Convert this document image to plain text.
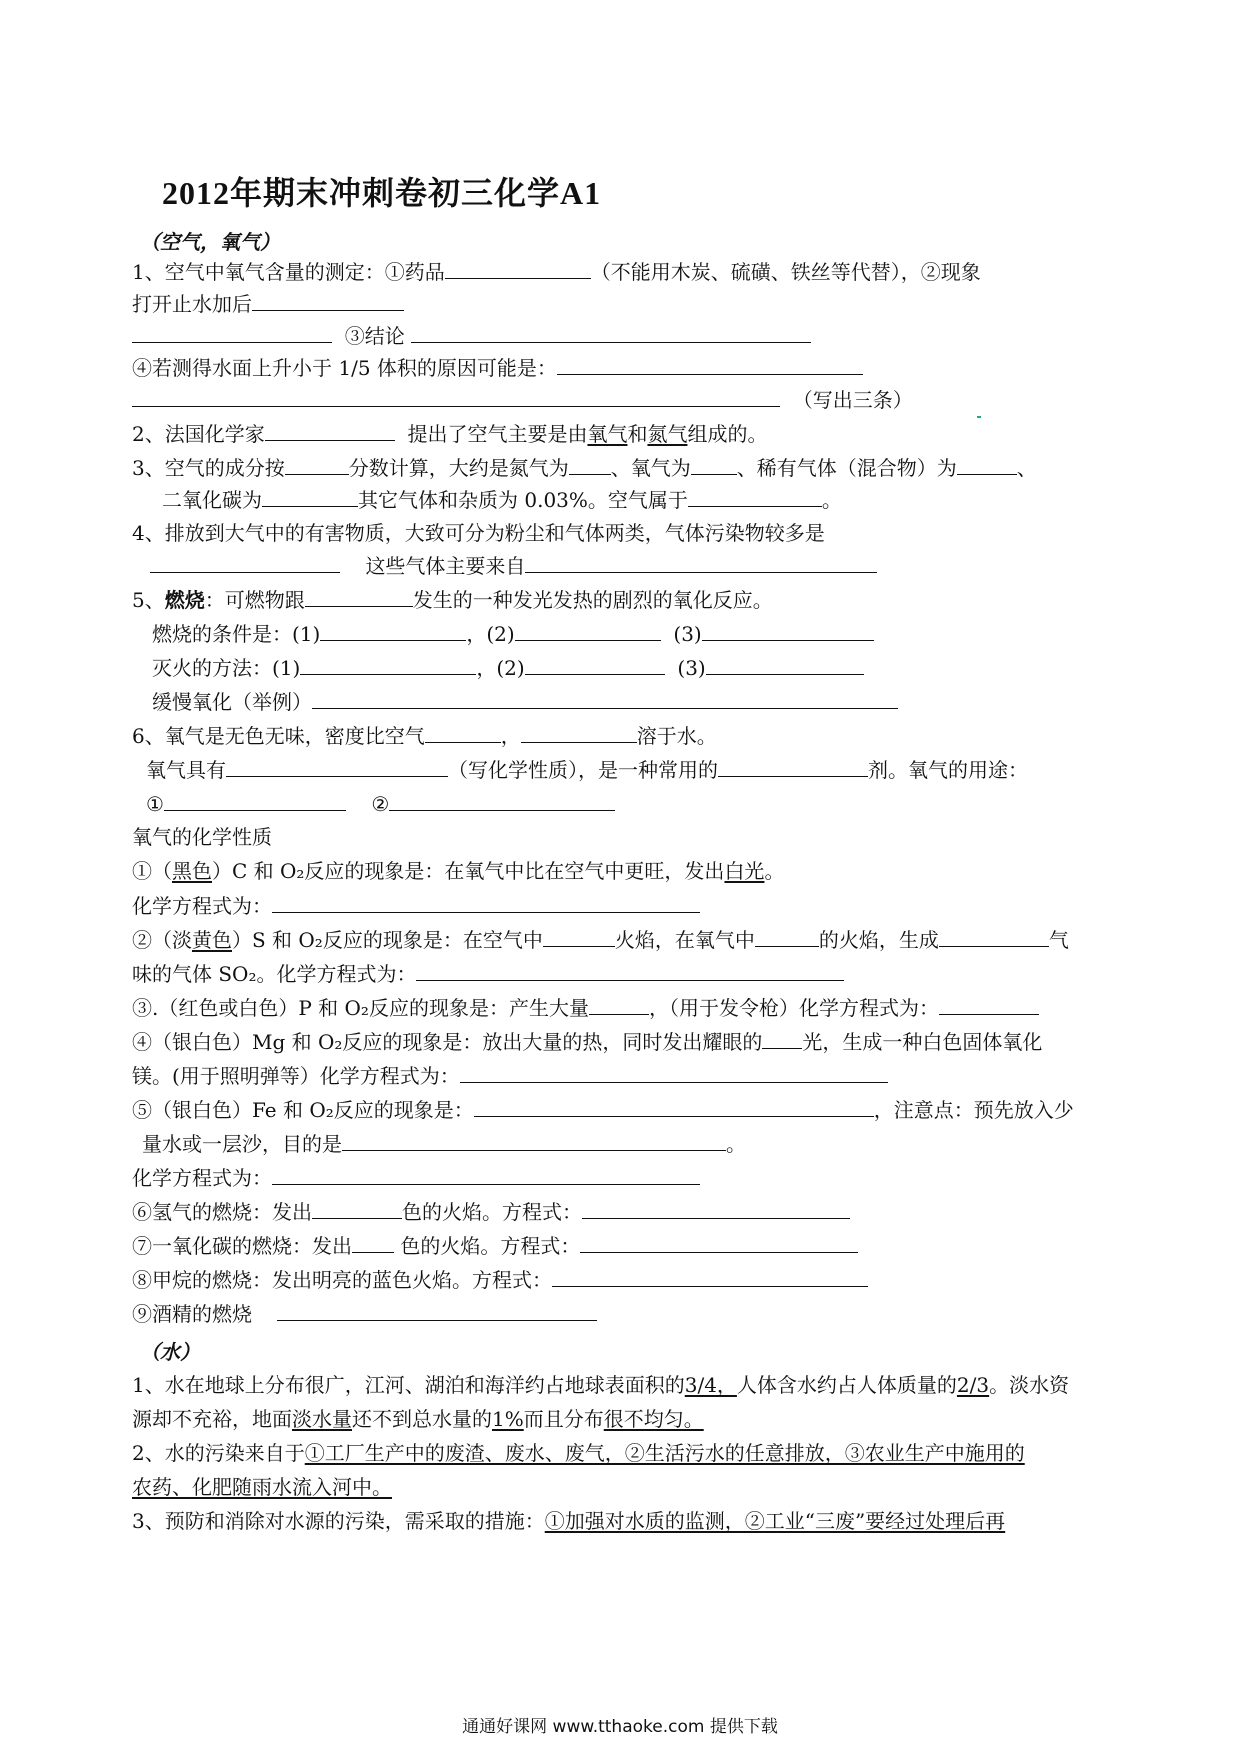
2012年期末冲刺卷初三化学A1
（空气，氧气）
1、空气中氧气含量的测定：①药品	（不能用木炭、硫磺、铁丝等代替），②现象
打开止水加后
③结论
④若测得水面上升小于 1/5 体积的原因可能是：
（写出三条）
2、法国化学家	提出了空气主要是由氧气和氮气组成的。
3、空气的成分按	分数计算，大约是氮气为 、氧气为 、稀有气体（混合物）为	、
二氧化碳为	其它气体和杂质为 0.03%。空气属于	。
4、排放到大气中的有害物质，大致可分为粉尘和气体两类，气体污染物较多是
这些气体主要来自
5、燃烧：可燃物跟	发生的一种发光发热的剧烈的氧化反应。
燃烧的条件是：(1)	，(2)	(3)
灭火的方法：(1)	，(2)	(3)
缓慢氧化（举例）
6、氧气是无色无味，密度比空气	，	溶于水。
氧气具有	（写化学性质），是一种常用的	剂。氧气的用途：
①	②
氧气的化学性质
①（黑色）C 和 O₂反应的现象是：在氧气中比在空气中更旺，发出白光。
化学方程式为：
②（淡黄色）S 和 O₂反应的现象是：在空气中	火焰，在氧气中	的火焰，生成	气
味的气体 SO₂。化学方程式为：
③.（红色或白色）P 和 O₂反应的现象是：产生大量	，（用于发令枪）化学方程式为：
④（银白色）Mg 和 O₂反应的现象是：放出大量的热，同时发出耀眼的 光，生成一种白色固体氧化
镁。(用于照明弹等）化学方程式为：
⑤（银白色）Fe 和 O₂反应的现象是：	，注意点：预先放入少
量水或一层沙，目的是	。
化学方程式为：
⑥氢气的燃烧：发出	色的火焰。方程式：
⑦一氧化碳的燃烧：发出 色的火焰。方程式：
⑧甲烷的燃烧：发出明亮的蓝色火焰。方程式：
⑨酒精的燃烧
（水）
1、水在地球上分布很广，江河、湖泊和海洋约占地球表面积的3/4，人体含水约占人体质量的2/3。淡水资
源却不充裕，地面淡水量还不到总水量的1%而且分布很不均匀。
2、水的污染来自于①工厂生产中的废渣、废水、废气，②生活污水的任意排放，③农业生产中施用的
农药、化肥随雨水流入河中。
3、预防和消除对水源的污染，需采取的措施：①加强对水质的监测，②工业“三废”要经过处理后再
通通好课网 www.tthaoke.com 提供下载
